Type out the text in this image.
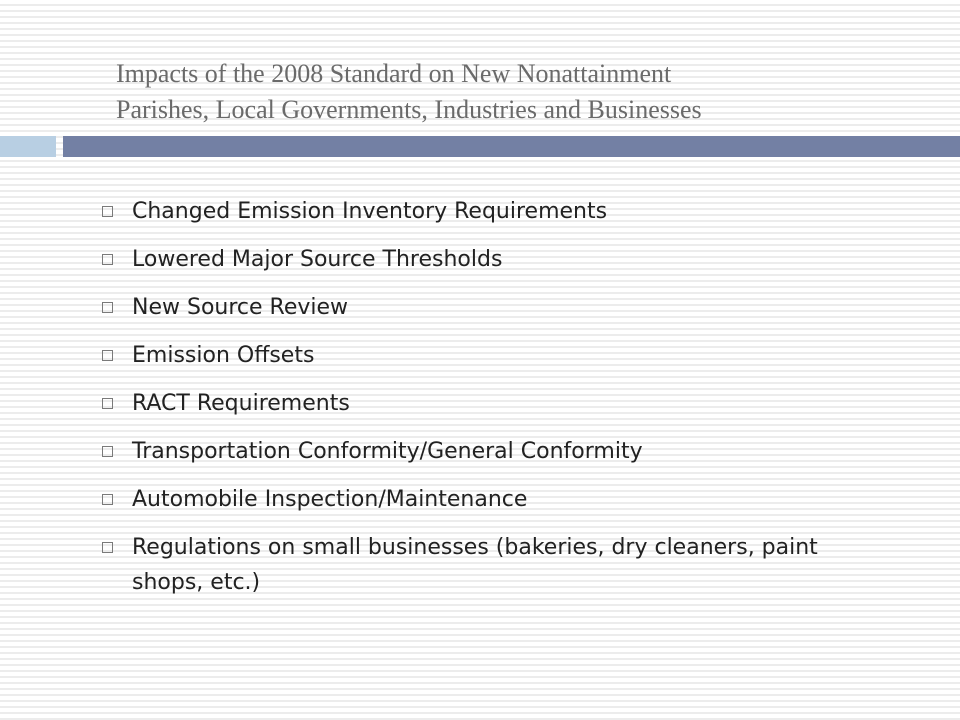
Impacts of the 2008 Standard on New Nonattainment
Parishes, Local Governments, Industries and Businesses
Changed Emission Inventory Requirements
Lowered Major Source Thresholds
New Source Review
Emission Offsets
RACT Requirements
Transportation Conformity/General Conformity
Automobile Inspection/Maintenance
Regulations on small businesses (bakeries, dry cleaners, paint shops, etc.)
